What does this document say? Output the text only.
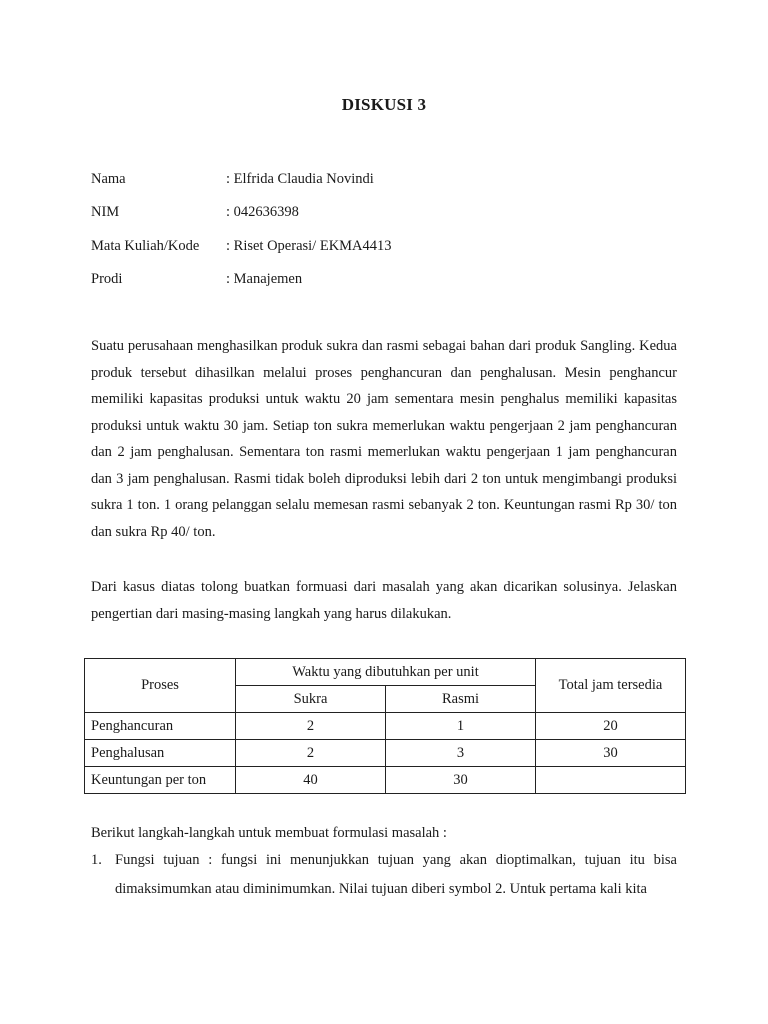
DISKUSI 3
Nama	: Elfrida Claudia Novindi
NIM	: 042636398
Mata Kuliah/Kode	: Riset Operasi/ EKMA4413
Prodi	: Manajemen
Suatu perusahaan menghasilkan produk sukra dan rasmi sebagai bahan dari produk Sangling. Kedua produk tersebut dihasilkan melalui proses penghancuran dan penghalusan. Mesin penghancur memiliki kapasitas produksi untuk waktu 20 jam sementara mesin penghalus memiliki kapasitas produksi untuk waktu 30 jam. Setiap ton sukra memerlukan waktu pengerjaan 2 jam penghancuran dan 2 jam penghalusan. Sementara ton rasmi memerlukan waktu pengerjaan 1 jam penghancuran dan 3 jam penghalusan. Rasmi tidak boleh diproduksi lebih dari 2 ton untuk mengimbangi produksi sukra 1 ton. 1 orang pelanggan selalu memesan rasmi sebanyak 2 ton. Keuntungan rasmi Rp 30/ ton dan sukra Rp 40/ ton.
Dari kasus diatas tolong buatkan formuasi dari masalah yang akan dicarikan solusinya. Jelaskan pengertian dari masing-masing langkah yang harus dilakukan.
Proses	Waktu yang dibutuhkan per unit		Total jam tersedia
	Sukra	Rasmi	
Penghancuran	2	1	20
Penghalusan	2	3	30
Keuntungan per ton	40	30	
Berikut langkah-langkah untuk membuat formulasi masalah :
1. Fungsi tujuan : fungsi ini menunjukkan tujuan yang akan dioptimalkan, tujuan itu bisa dimaksimumkan atau diminimumkan. Nilai tujuan diberi symbol 2. Untuk pertama kali kita
